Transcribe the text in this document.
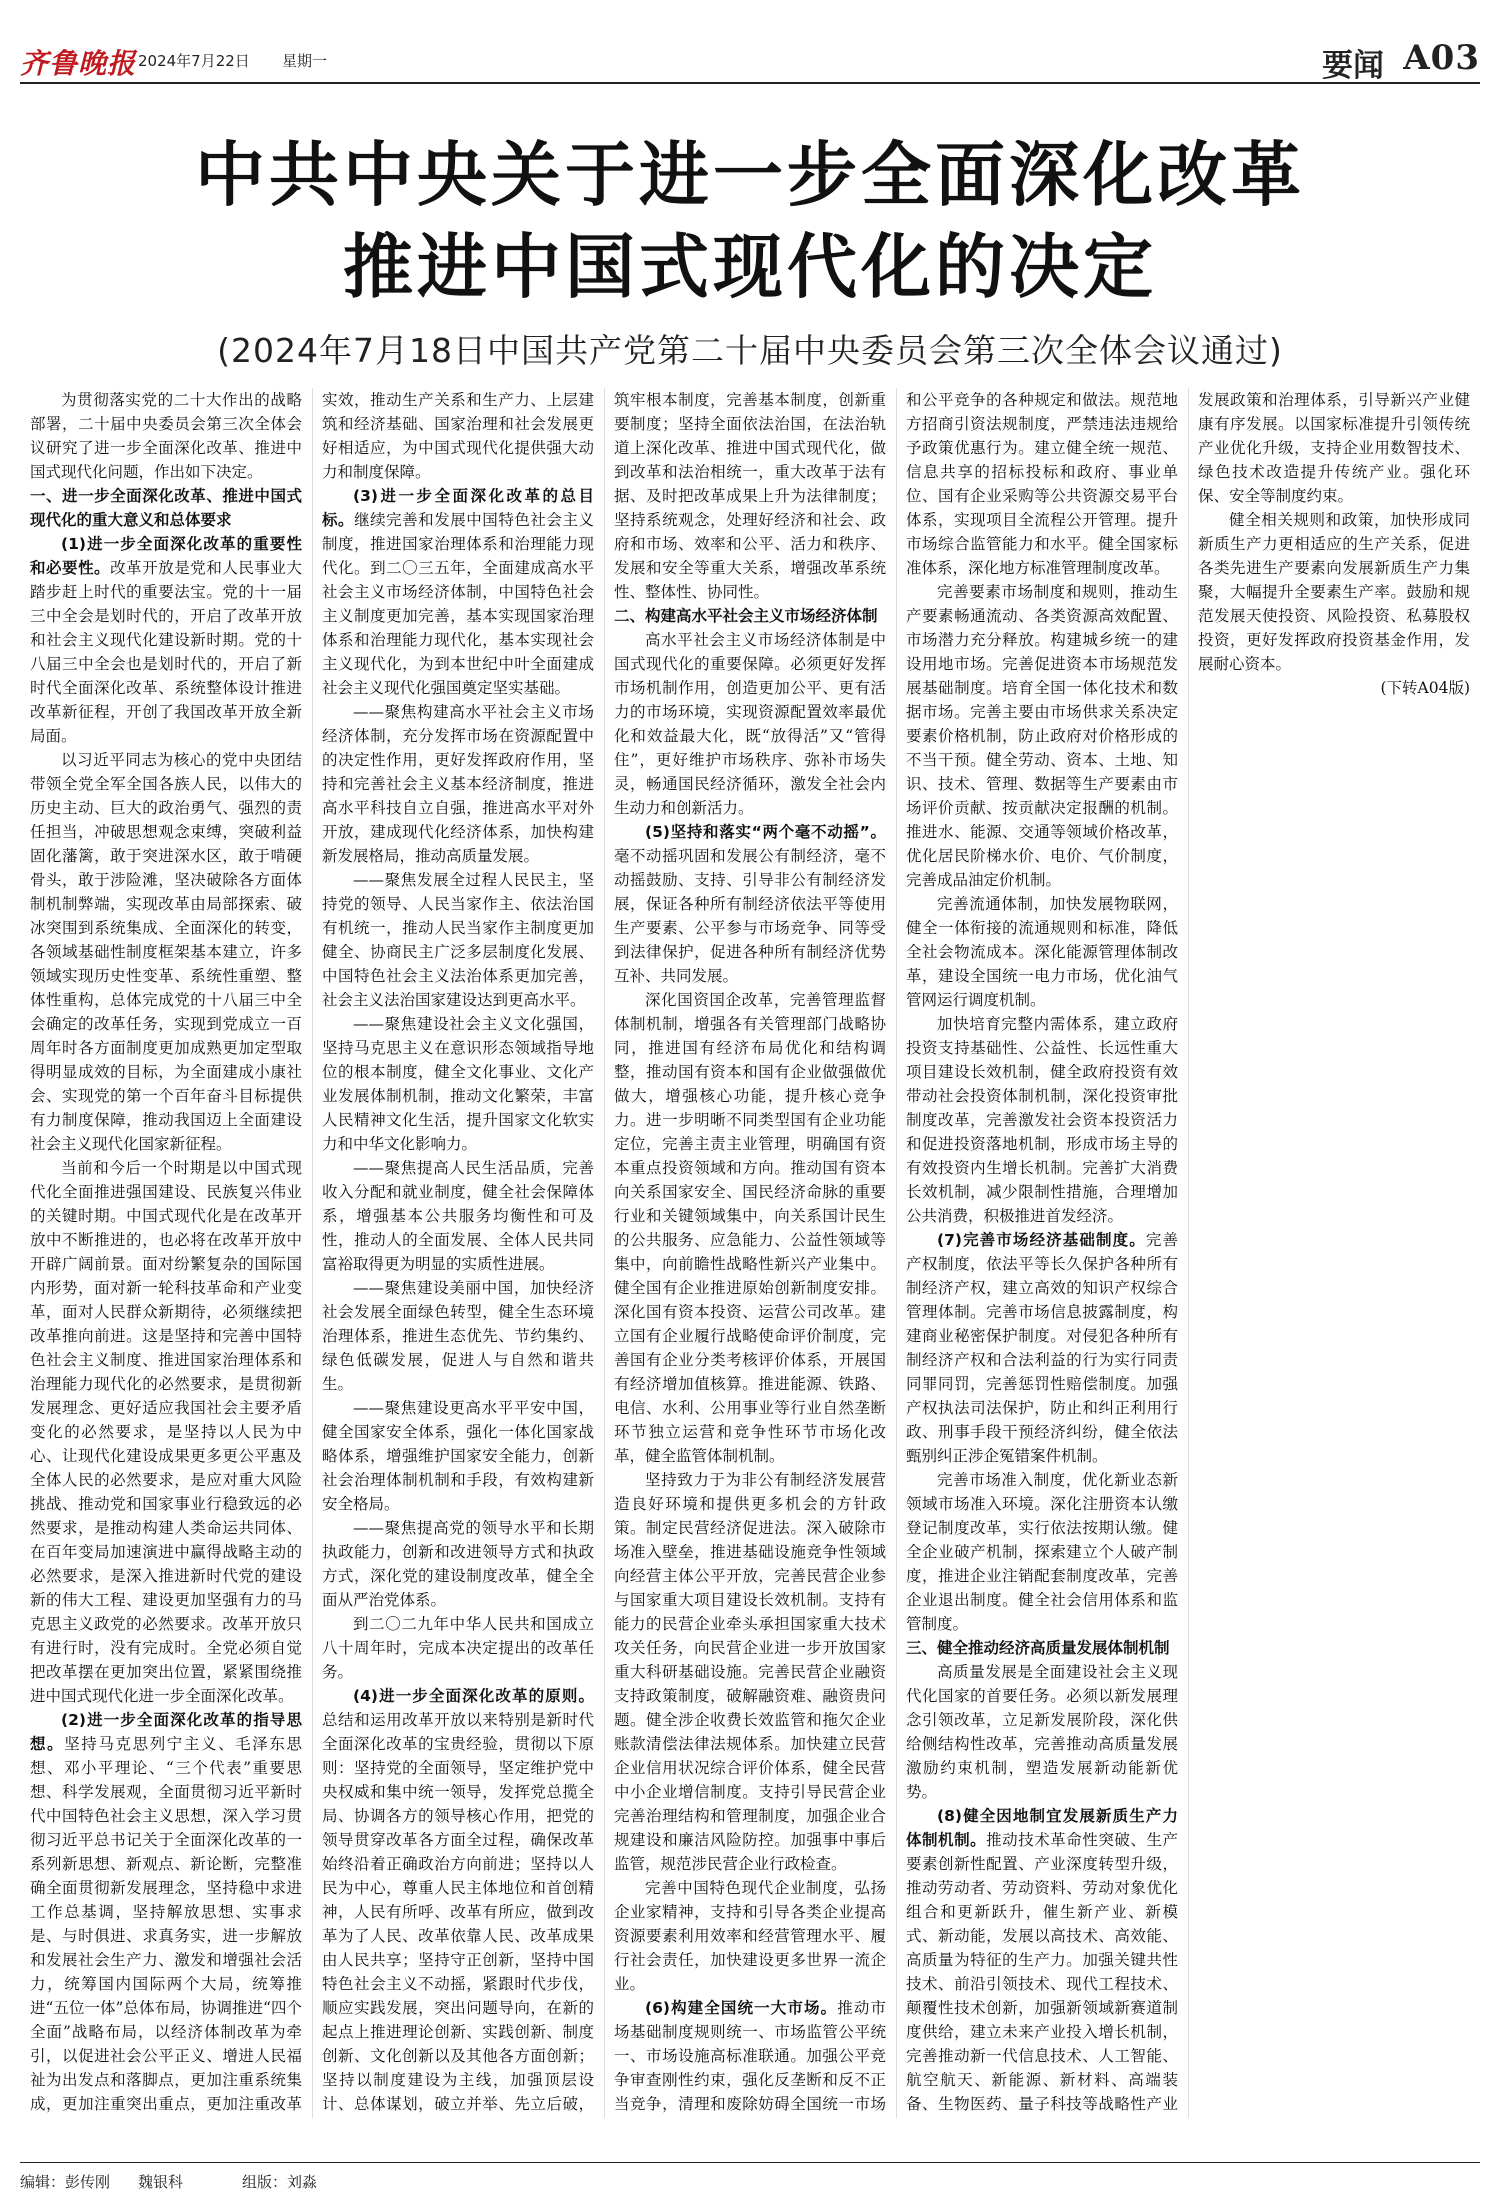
齐鲁晚报 2024年7月22日 星期一	要闻 A03
中共中央关于进一步全面深化改革
推进中国式现代化的决定
(2024年7月18日中国共产党第二十届中央委员会第三次全体会议通过)

为贯彻落实党的二十大作出的战略部署，二十届中央委员会第三次全体会议研究了进一步全面深化改革、推进中国式现代化问题，作出如下决定。

一、进一步全面深化改革、推进中国式现代化的重大意义和总体要求

(1)进一步全面深化改革的重要性和必要性。改革开放是党和人民事业大踏步赶上时代的重要法宝。党的十一届三中全会是划时代的，开启了改革开放和社会主义现代化建设新时期。党的十八届三中全会也是划时代的，开启了新时代全面深化改革、系统整体设计推进改革新征程，开创了我国改革开放全新局面。

以习近平同志为核心的党中央团结带领全党全军全国各族人民，以伟大的历史主动、巨大的政治勇气、强烈的责任担当，冲破思想观念束缚，突破利益固化藩篱，敢于突进深水区，敢于啃硬骨头，敢于涉险滩，坚决破除各方面体制机制弊端，实现改革由局部探索、破冰突围到系统集成、全面深化的转变，各领域基础性制度框架基本建立，许多领域实现历史性变革、系统性重塑、整体性重构，总体完成党的十八届三中全会确定的改革任务，实现到党成立一百周年时各方面制度更加成熟更加定型取得明显成效的目标，为全面建成小康社会、实现党的第一个百年奋斗目标提供有力制度保障，推动我国迈上全面建设社会主义现代化国家新征程。

当前和今后一个时期是以中国式现代化全面推进强国建设、民族复兴伟业的关键时期。中国式现代化是在改革开放中不断推进的，也必将在改革开放中开辟广阔前景。面对纷繁复杂的国际国内形势，面对新一轮科技革命和产业变革，面对人民群众新期待，必须继续把改革推向前进。这是坚持和完善中国特色社会主义制度、推进国家治理体系和治理能力现代化的必然要求，是贯彻新发展理念、更好适应我国社会主要矛盾变化的必然要求，是坚持以人民为中心、让现代化建设成果更多更公平惠及全体人民的必然要求，是应对重大风险挑战、推动党和国家事业行稳致远的必然要求，是推动构建人类命运共同体、在百年变局加速演进中赢得战略主动的必然要求，是深入推进新时代党的建设新的伟大工程、建设更加坚强有力的马克思主义政党的必然要求。改革开放只有进行时，没有完成时。全党必须自觉把改革摆在更加突出位置，紧紧围绕推进中国式现代化进一步全面深化改革。

(2)进一步全面深化改革的指导思想。坚持马克思列宁主义、毛泽东思想、邓小平理论、“三个代表”重要思想、科学发展观，全面贯彻习近平新时代中国特色社会主义思想，深入学习贯彻习近平总书记关于全面深化改革的一系列新思想、新观点、新论断，完整准确全面贯彻新发展理念，坚持稳中求进工作总基调，坚持解放思想、实事求是、与时俱进、求真务实，进一步解放和发展社会生产力、激发和增强社会活力，统筹国内国际两个大局，统筹推进“五位一体”总体布局，协调推进“四个全面”战略布局，以经济体制改革为牵引，以促进社会公平正义、增进人民福祉为出发点和落脚点，更加注重系统集成，更加注重突出重点，更加注重改革实效，推动生产关系和生产力、上层建筑和经济基础、国家治理和社会发展更好相适应，为中国式现代化提供强大动力和制度保障。

(3)进一步全面深化改革的总目标。继续完善和发展中国特色社会主义制度，推进国家治理体系和治理能力现代化。到二〇三五年，全面建成高水平社会主义市场经济体制，中国特色社会主义制度更加完善，基本实现国家治理体系和治理能力现代化，基本实现社会主义现代化，为到本世纪中叶全面建成社会主义现代化强国奠定坚实基础。

——聚焦构建高水平社会主义市场经济体制，充分发挥市场在资源配置中的决定性作用，更好发挥政府作用，坚持和完善社会主义基本经济制度，推进高水平科技自立自强，推进高水平对外开放，建成现代化经济体系，加快构建新发展格局，推动高质量发展。

——聚焦发展全过程人民民主，坚持党的领导、人民当家作主、依法治国有机统一，推动人民当家作主制度更加健全、协商民主广泛多层制度化发展、中国特色社会主义法治体系更加完善，社会主义法治国家建设达到更高水平。

——聚焦建设社会主义文化强国，坚持马克思主义在意识形态领域指导地位的根本制度，健全文化事业、文化产业发展体制机制，推动文化繁荣，丰富人民精神文化生活，提升国家文化软实力和中华文化影响力。

——聚焦提高人民生活品质，完善收入分配和就业制度，健全社会保障体系，增强基本公共服务均衡性和可及性，推动人的全面发展、全体人民共同富裕取得更为明显的实质性进展。

——聚焦建设美丽中国，加快经济社会发展全面绿色转型，健全生态环境治理体系，推进生态优先、节约集约、绿色低碳发展，促进人与自然和谐共生。

——聚焦建设更高水平平安中国，健全国家安全体系，强化一体化国家战略体系，增强维护国家安全能力，创新社会治理体制机制和手段，有效构建新安全格局。

——聚焦提高党的领导水平和长期执政能力，创新和改进领导方式和执政方式，深化党的建设制度改革，健全全面从严治党体系。

到二〇二九年中华人民共和国成立八十周年时，完成本决定提出的改革任务。

(4)进一步全面深化改革的原则。总结和运用改革开放以来特别是新时代全面深化改革的宝贵经验，贯彻以下原则：坚持党的全面领导，坚定维护党中央权威和集中统一领导，发挥党总揽全局、协调各方的领导核心作用，把党的领导贯穿改革各方面全过程，确保改革始终沿着正确政治方向前进；坚持以人民为中心，尊重人民主体地位和首创精神，人民有所呼、改革有所应，做到改革为了人民、改革依靠人民、改革成果由人民共享；坚持守正创新，坚持中国特色社会主义不动摇，紧跟时代步伐，顺应实践发展，突出问题导向，在新的起点上推进理论创新、实践创新、制度创新、文化创新以及其他各方面创新；坚持以制度建设为主线，加强顶层设计、总体谋划，破立并举、先立后破，筑牢根本制度，完善基本制度，创新重要制度；坚持全面依法治国，在法治轨道上深化改革、推进中国式现代化，做到改革和法治相统一，重大改革于法有据、及时把改革成果上升为法律制度；坚持系统观念，处理好经济和社会、政府和市场、效率和公平、活力和秩序、发展和安全等重大关系，增强改革系统性、整体性、协同性。

二、构建高水平社会主义市场经济体制

高水平社会主义市场经济体制是中国式现代化的重要保障。必须更好发挥市场机制作用，创造更加公平、更有活力的市场环境，实现资源配置效率最优化和效益最大化，既“放得活”又“管得住”，更好维护市场秩序、弥补市场失灵，畅通国民经济循环，激发全社会内生动力和创新活力。

(5)坚持和落实“两个毫不动摇”。毫不动摇巩固和发展公有制经济，毫不动摇鼓励、支持、引导非公有制经济发展，保证各种所有制经济依法平等使用生产要素、公平参与市场竞争、同等受到法律保护，促进各种所有制经济优势互补、共同发展。

深化国资国企改革，完善管理监督体制机制，增强各有关管理部门战略协同，推进国有经济布局优化和结构调整，推动国有资本和国有企业做强做优做大，增强核心功能，提升核心竞争力。进一步明晰不同类型国有企业功能定位，完善主责主业管理，明确国有资本重点投资领域和方向。推动国有资本向关系国家安全、国民经济命脉的重要行业和关键领域集中，向关系国计民生的公共服务、应急能力、公益性领域等集中，向前瞻性战略性新兴产业集中。健全国有企业推进原始创新制度安排。深化国有资本投资、运营公司改革。建立国有企业履行战略使命评价制度，完善国有企业分类考核评价体系，开展国有经济增加值核算。推进能源、铁路、电信、水利、公用事业等行业自然垄断环节独立运营和竞争性环节市场化改革，健全监管体制机制。

坚持致力于为非公有制经济发展营造良好环境和提供更多机会的方针政策。制定民营经济促进法。深入破除市场准入壁垒，推进基础设施竞争性领域向经营主体公平开放，完善民营企业参与国家重大项目建设长效机制。支持有能力的民营企业牵头承担国家重大技术攻关任务，向民营企业进一步开放国家重大科研基础设施。完善民营企业融资支持政策制度，破解融资难、融资贵问题。健全涉企收费长效监管和拖欠企业账款清偿法律法规体系。加快建立民营企业信用状况综合评价体系，健全民营中小企业增信制度。支持引导民营企业完善治理结构和管理制度，加强企业合规建设和廉洁风险防控。加强事中事后监管，规范涉民营企业行政检查。

完善中国特色现代企业制度，弘扬企业家精神，支持和引导各类企业提高资源要素利用效率和经营管理水平、履行社会责任，加快建设更多世界一流企业。

(6)构建全国统一大市场。推动市场基础制度规则统一、市场监管公平统一、市场设施高标准联通。加强公平竞争审查刚性约束，强化反垄断和反不正当竞争，清理和废除妨碍全国统一市场和公平竞争的各种规定和做法。规范地方招商引资法规制度，严禁违法违规给予政策优惠行为。建立健全统一规范、信息共享的招标投标和政府、事业单位、国有企业采购等公共资源交易平台体系，实现项目全流程公开管理。提升市场综合监管能力和水平。健全国家标准体系，深化地方标准管理制度改革。

完善要素市场制度和规则，推动生产要素畅通流动、各类资源高效配置、市场潜力充分释放。构建城乡统一的建设用地市场。完善促进资本市场规范发展基础制度。培育全国一体化技术和数据市场。完善主要由市场供求关系决定要素价格机制，防止政府对价格形成的不当干预。健全劳动、资本、土地、知识、技术、管理、数据等生产要素由市场评价贡献、按贡献决定报酬的机制。推进水、能源、交通等领域价格改革，优化居民阶梯水价、电价、气价制度，完善成品油定价机制。

完善流通体制，加快发展物联网，健全一体衔接的流通规则和标准，降低全社会物流成本。深化能源管理体制改革，建设全国统一电力市场，优化油气管网运行调度机制。

加快培育完整内需体系，建立政府投资支持基础性、公益性、长远性重大项目建设长效机制，健全政府投资有效带动社会投资体制机制，深化投资审批制度改革，完善激发社会资本投资活力和促进投资落地机制，形成市场主导的有效投资内生增长机制。完善扩大消费长效机制，减少限制性措施，合理增加公共消费，积极推进首发经济。

(7)完善市场经济基础制度。完善产权制度，依法平等长久保护各种所有制经济产权，建立高效的知识产权综合管理体制。完善市场信息披露制度，构建商业秘密保护制度。对侵犯各种所有制经济产权和合法利益的行为实行同责同罪同罚，完善惩罚性赔偿制度。加强产权执法司法保护，防止和纠正利用行政、刑事手段干预经济纠纷，健全依法甄别纠正涉企冤错案件机制。

完善市场准入制度，优化新业态新领域市场准入环境。深化注册资本认缴登记制度改革，实行依法按期认缴。健全企业破产机制，探索建立个人破产制度，推进企业注销配套制度改革，完善企业退出制度。健全社会信用体系和监管制度。

三、健全推动经济高质量发展体制机制

高质量发展是全面建设社会主义现代化国家的首要任务。必须以新发展理念引领改革，立足新发展阶段，深化供给侧结构性改革，完善推动高质量发展激励约束机制，塑造发展新动能新优势。

(8)健全因地制宜发展新质生产力体制机制。推动技术革命性突破、生产要素创新性配置、产业深度转型升级，推动劳动者、劳动资料、劳动对象优化组合和更新跃升，催生新产业、新模式、新动能，发展以高技术、高效能、高质量为特征的生产力。加强关键共性技术、前沿引领技术、现代工程技术、颠覆性技术创新，加强新领域新赛道制度供给，建立未来产业投入增长机制，完善推动新一代信息技术、人工智能、航空航天、新能源、新材料、高端装备、生物医药、量子科技等战略性产业发展政策和治理体系，引导新兴产业健康有序发展。以国家标准提升引领传统产业优化升级，支持企业用数智技术、绿色技术改造提升传统产业。强化环保、安全等制度约束。

健全相关规则和政策，加快形成同新质生产力更相适应的生产关系，促进各类先进生产要素向发展新质生产力集聚，大幅提升全要素生产率。鼓励和规范发展天使投资、风险投资、私募股权投资，更好发挥政府投资基金作用，发展耐心资本。

(下转A04版)

编辑：彭传刚 魏银科	组版：刘淼
